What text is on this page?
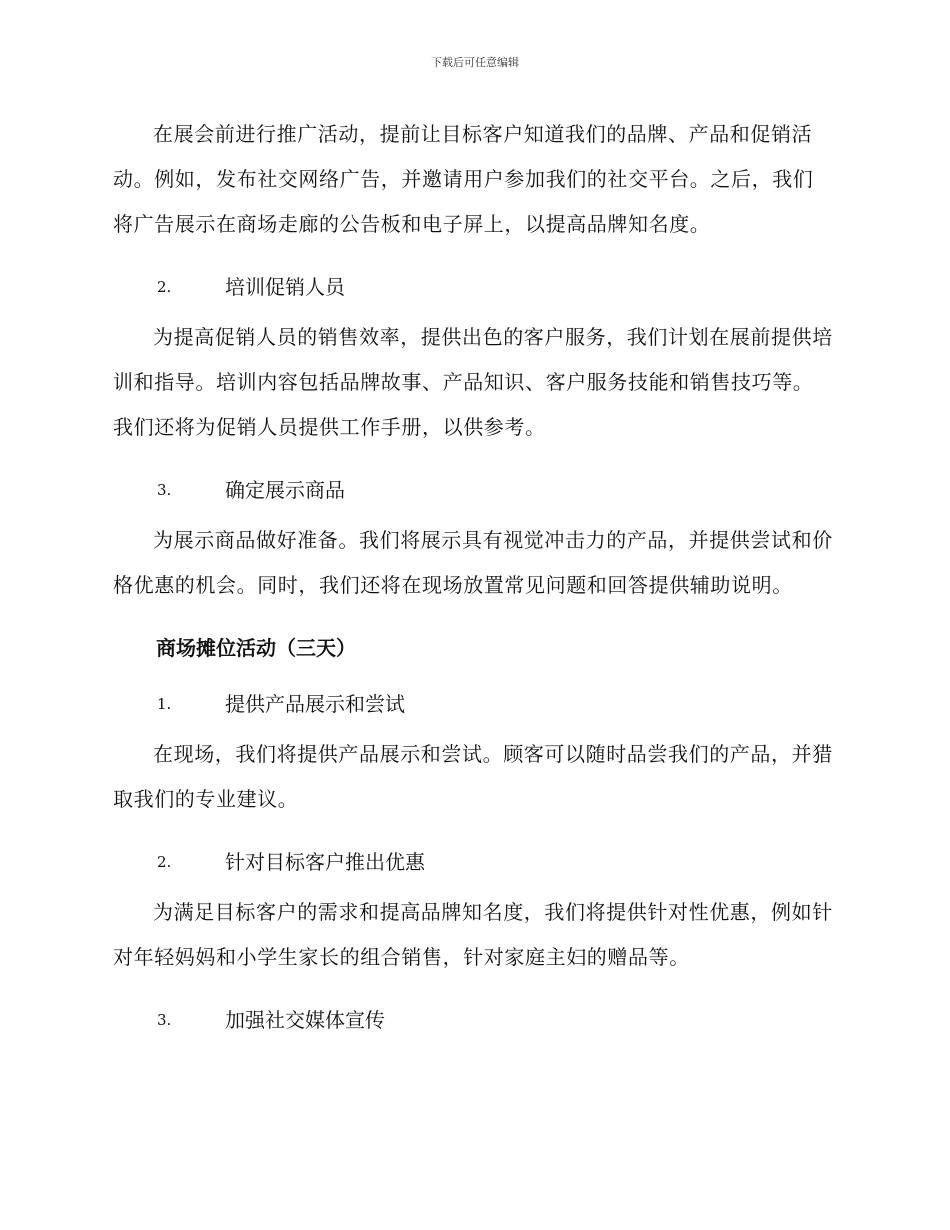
下载后可任意编辑

在展会前进行推广活动，提前让目标客户知道我们的品牌、产品和促销活动。例如，发布社交网络广告，并邀请用户参加我们的社交平台。之后，我们将广告展示在商场走廊的公告板和电子屏上，以提高品牌知名度。

2.	培训促销人员

为提高促销人员的销售效率，提供出色的客户服务，我们计划在展前提供培训和指导。培训内容包括品牌故事、产品知识、客户服务技能和销售技巧等。我们还将为促销人员提供工作手册，以供参考。

3.	确定展示商品

为展示商品做好准备。我们将展示具有视觉冲击力的产品，并提供尝试和价格优惠的机会。同时，我们还将在现场放置常见问题和回答提供辅助说明。

商场摊位活动（三天）
1.	提供产品展示和尝试

在现场，我们将提供产品展示和尝试。顾客可以随时品尝我们的产品，并猎取我们的专业建议。

2.	针对目标客户推出优惠

为满足目标客户的需求和提高品牌知名度，我们将提供针对性优惠，例如针对年轻妈妈和小学生家长的组合销售，针对家庭主妇的赠品等。

3.	加强社交媒体宣传
